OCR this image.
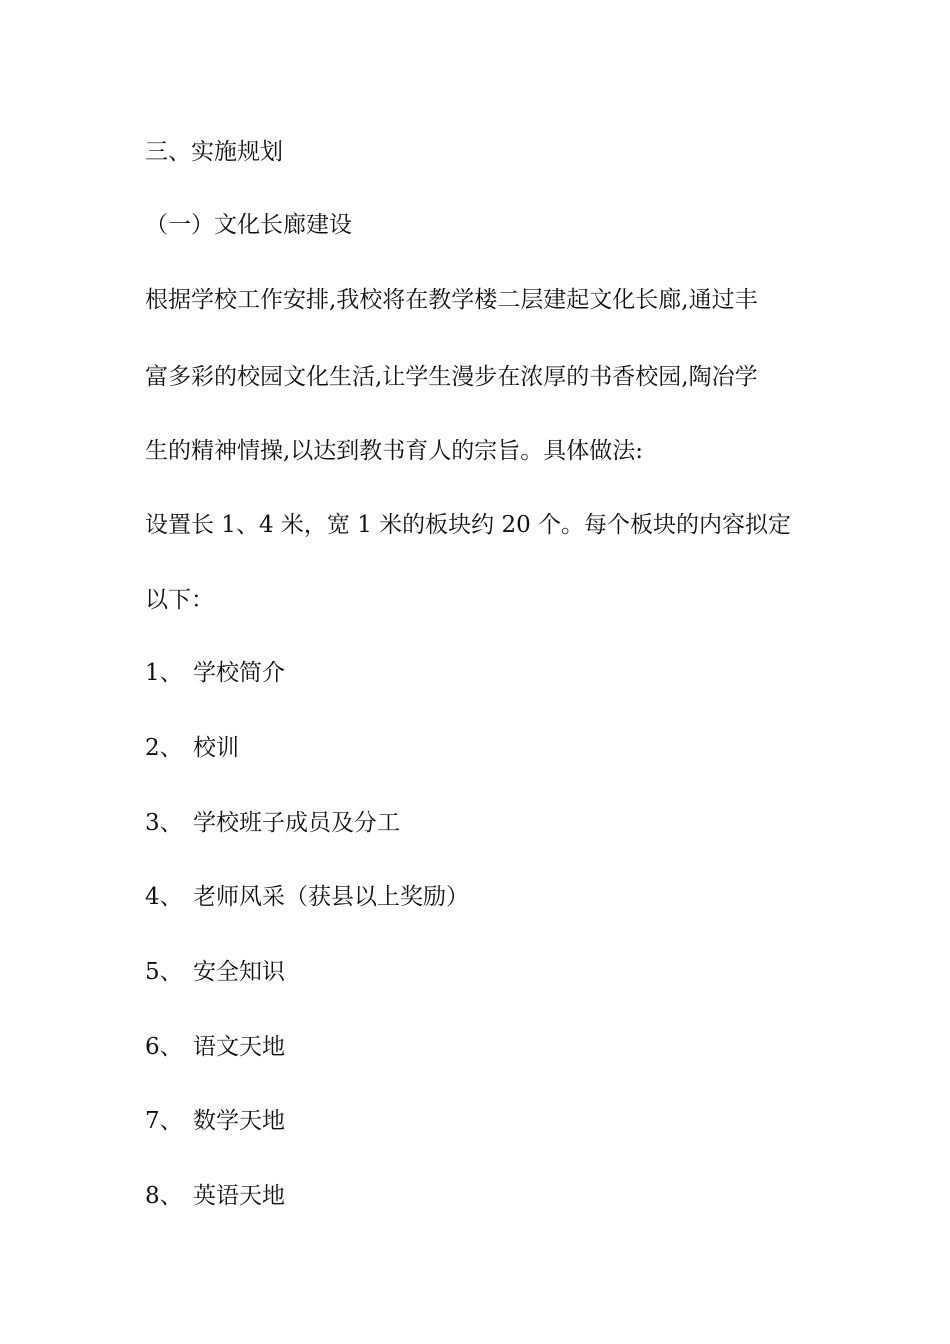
三、实施规划
（一）文化长廊建设
根据学校工作安排,我校将在教学楼二层建起文化长廊,通过丰
富多彩的校园文化生活,让学生漫步在浓厚的书香校园,陶冶学
生的精神情操,以达到教书育人的宗旨。具体做法:
设置长 1、4 米，宽 1 米的板块约 20 个。每个板块的内容拟定
以下：
1、 学校简介
2、 校训
3、 学校班子成员及分工
4、 老师风采（获县以上奖励）
5、 安全知识
6、 语文天地
7、 数学天地
8、 英语天地
